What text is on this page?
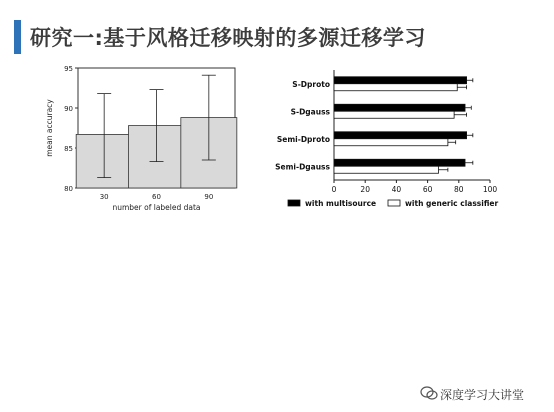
研究一:基于风格迁移映射的多源迁移学习
80
85
90
95
30	60	90
number of labeled data
mean accuracy
0	20	40	60	80	100
S-Dproto
S-Dgauss
Semi-Dproto
Semi-Dgauss
with multisource	with generic classifier
深度学习大讲堂
